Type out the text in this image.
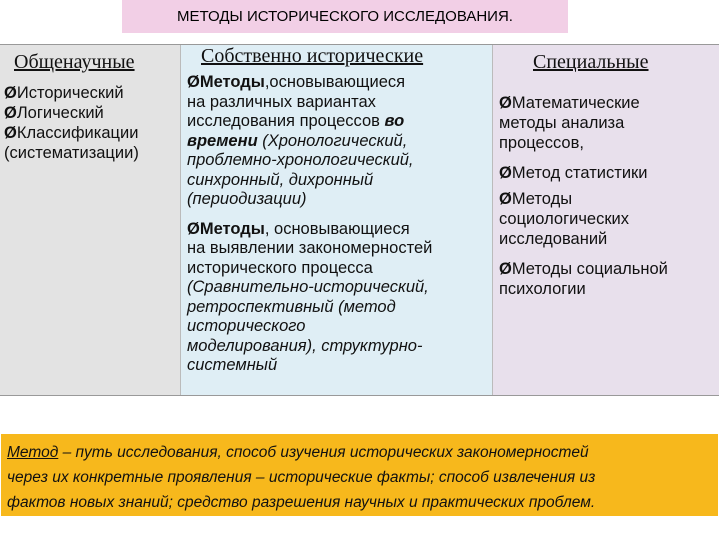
МЕТОДЫ ИСТОРИЧЕСКОГО ИССЛЕДОВАНИЯ.
Общенаучные
ØИсторический
ØЛогический
ØКлассификации
(систематизации)
Собственно исторические
ØМетоды,основывающиеся
на различных вариантах
исследования процессов во
времени (Хронологический,
проблемно-хронологический,
синхронный, дихронный
(периодизации)
ØМетоды, основывающиеся
на выявлении закономерностей
исторического процесса
(Сравнительно-исторический,
ретроспективный (метод
исторического
моделирования), структурно-
системный
Специальные
ØМатематические
методы анализа
процессов,
ØМетод статистики
ØМетоды
социологических
исследований
ØМетоды социальной
психологии
Метод – путь исследования, способ изучения исторических закономерностей
через их конкретные проявления – исторические факты; способ извлечения из
фактов новых знаний; средство разрешения научных и практических проблем.
